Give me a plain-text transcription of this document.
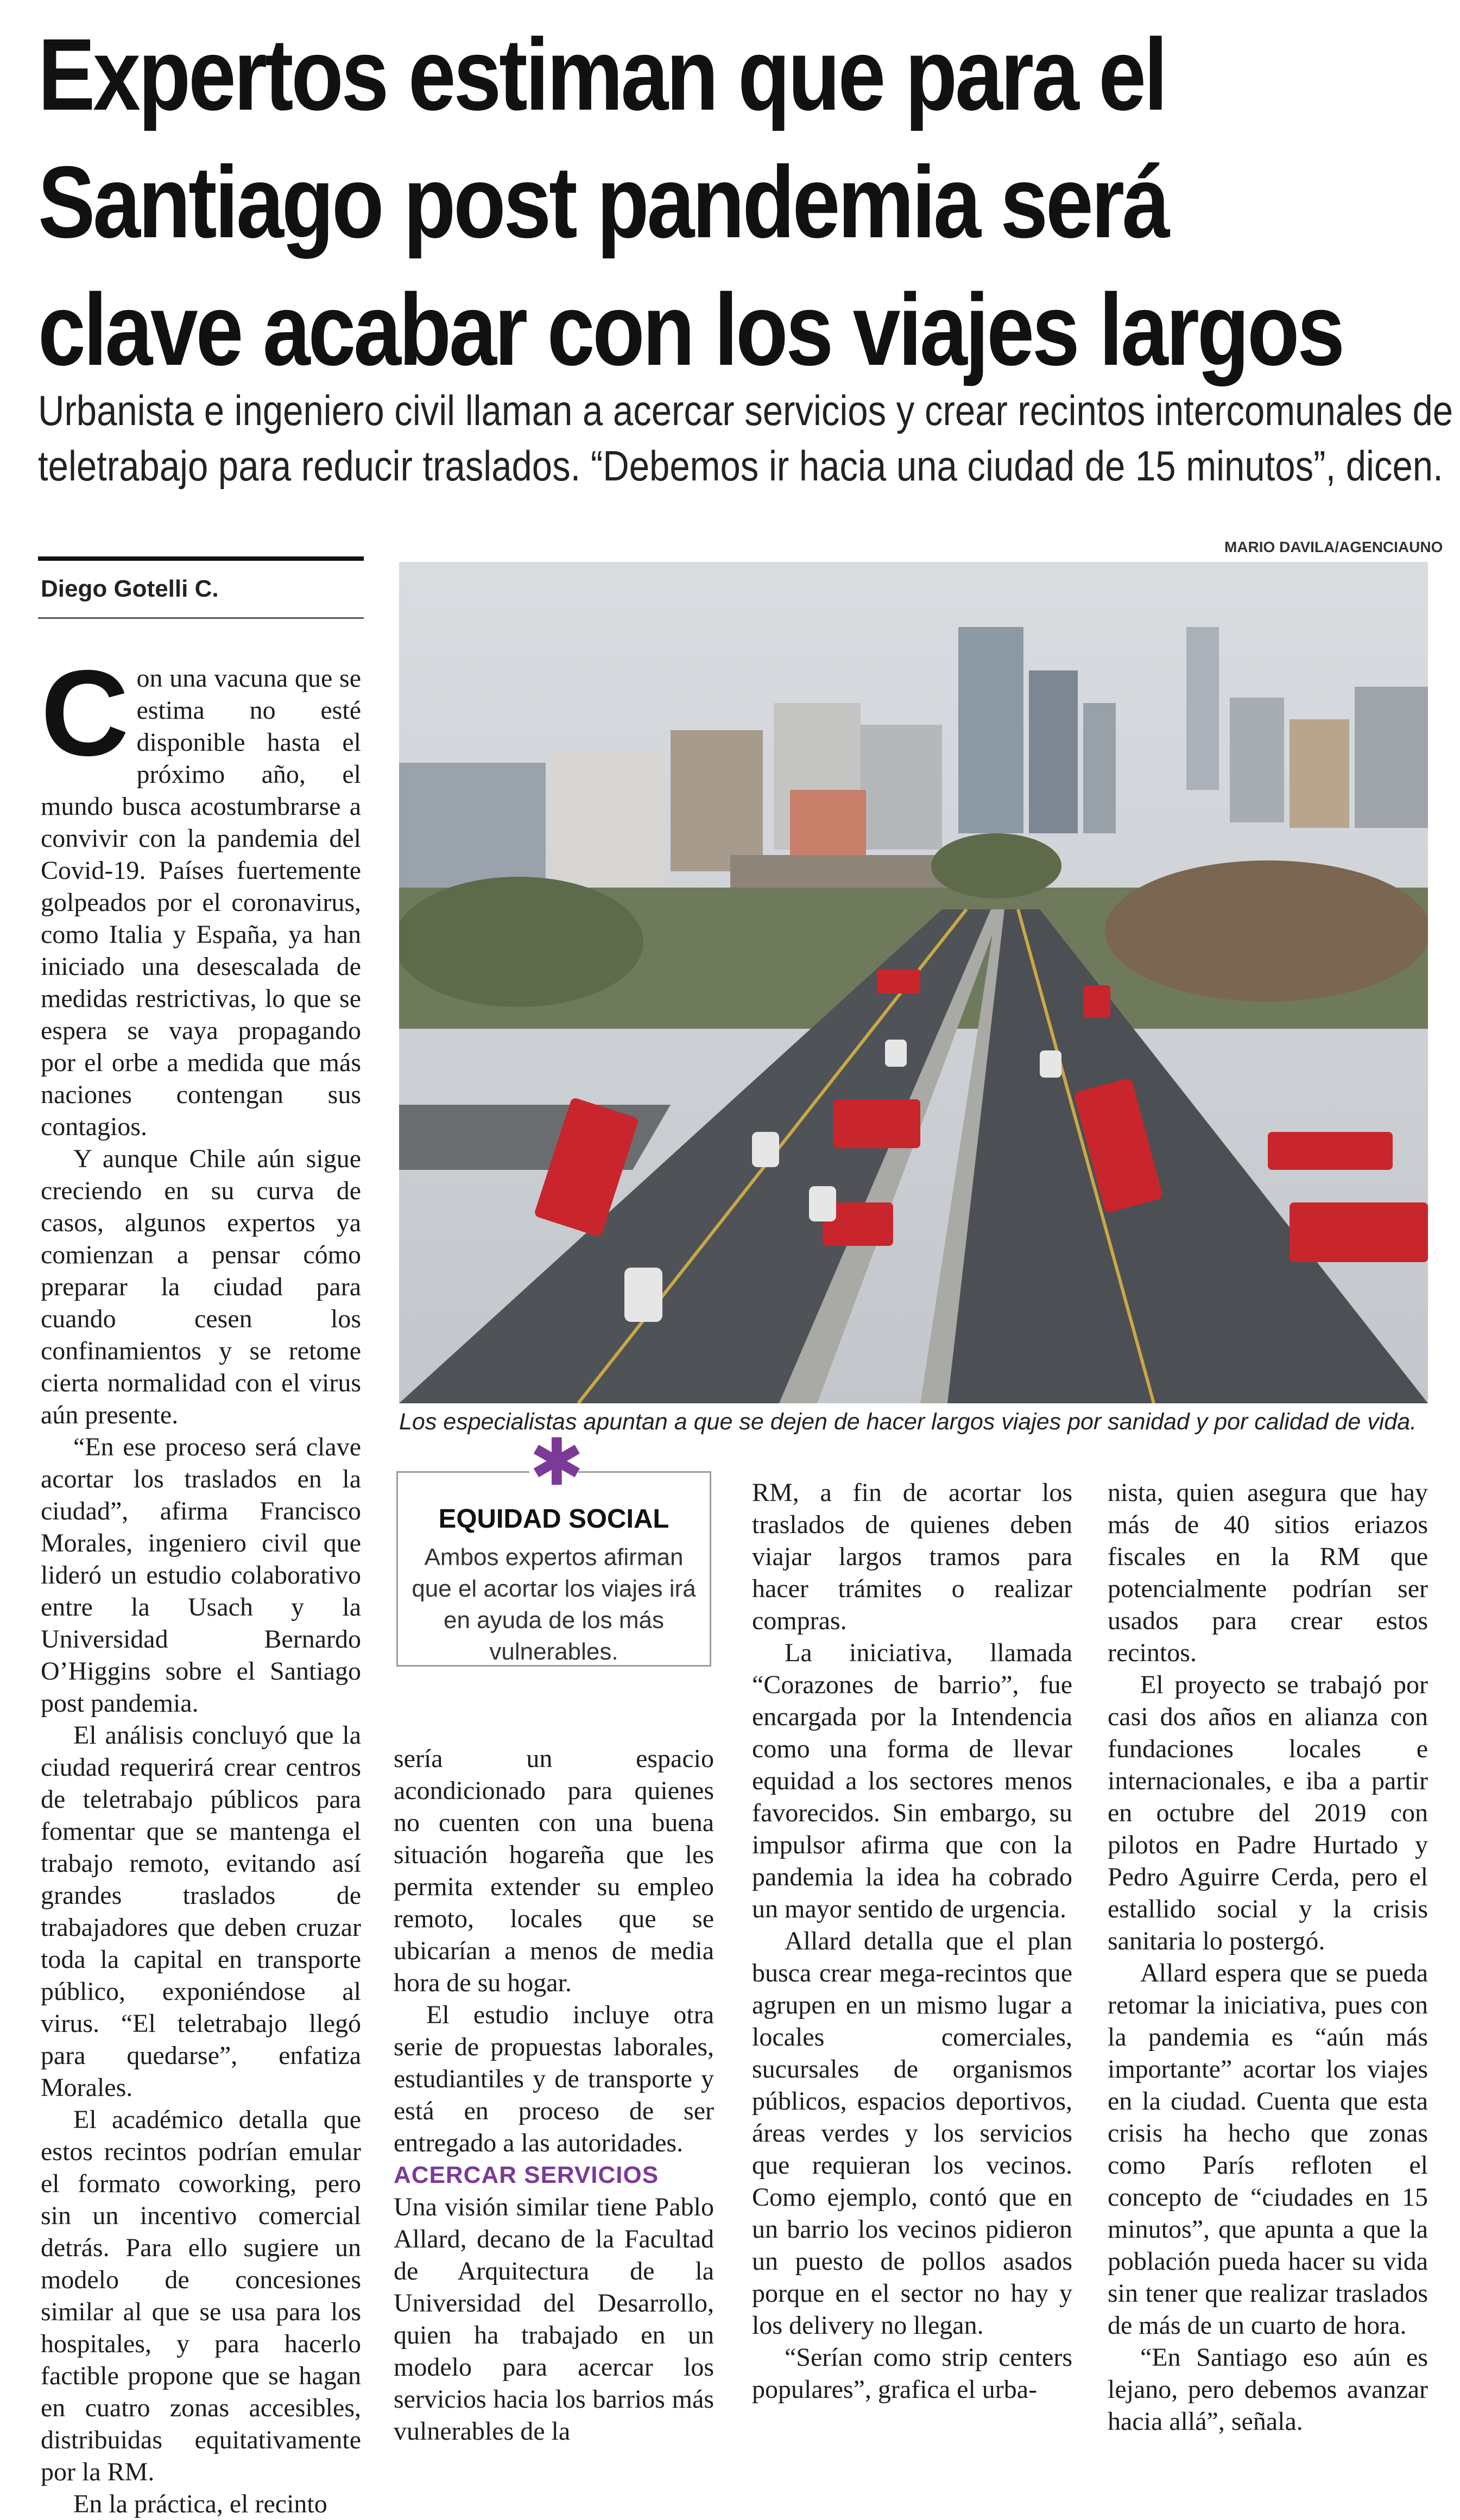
Expertos estiman que para el
Santiago post pandemia será
clave acabar con los viajes largos
Urbanista e ingeniero civil llaman a acercar servicios y crear recintos intercomunales de
teletrabajo para reducir traslados. “Debemos ir hacia una ciudad de 15 minutos”, dicen.
Diego Gotelli C.
MARIO DAVILA/AGENCIAUNO
Los especialistas apuntan a que se dejen de hacer largos viajes por sanidad y por calidad de vida.

Con una vacuna que se estima no esté disponible hasta el próximo año, el mundo busca acostumbrarse a convivir con la pandemia del Covid-19. Países fuertemente golpeados por el coronavirus, como Italia y España, ya han iniciado una desescalada de medidas restrictivas, lo que se espera se vaya propagando por el orbe a medida que más naciones contengan sus contagios.

Y aunque Chile aún sigue creciendo en su curva de casos, algunos expertos ya comienzan a pensar cómo preparar la ciudad para cuando cesen los confinamientos y se retome cierta normalidad con el virus aún presente.

“En ese proceso será clave acortar los traslados en la ciudad”, afirma Francisco Morales, ingeniero civil que lideró un estudio colaborativo entre la Usach y la Universidad Bernardo O’Higgins sobre el Santiago post pandemia.

El análisis concluyó que la ciudad requerirá crear centros de teletrabajo públicos para fomentar que se mantenga el trabajo remoto, evitando así grandes traslados de trabajadores que deben cruzar toda la capital en transporte público, exponiéndose al virus. “El teletrabajo llegó para quedarse”, enfatiza Morales.

El académico detalla que estos recintos podrían emular el formato coworking, pero sin un incentivo comercial detrás. Para ello sugiere un modelo de concesiones similar al que se usa para los hospitales, y para hacerlo factible propone que se hagan en cuatro zonas accesibles, distribuidas equitativamente por la RM.

En la práctica, el recinto

✱
EQUIDAD SOCIAL
Ambos expertos afirman que el acortar los viajes irá en ayuda de los más vulnerables.

sería un espacio acondicionado para quienes no cuenten con una buena situación hogareña que les permita extender su empleo remoto, locales que se ubicarían a menos de media hora de su hogar.

El estudio incluye otra serie de propuestas laborales, estudiantiles y de transporte y está en proceso de ser entregado a las autoridades.

ACERCAR SERVICIOS

Una visión similar tiene Pablo Allard, decano de la Facultad de Arquitectura de la Universidad del Desarrollo, quien ha trabajado en un modelo para acercar los servicios hacia los barrios más vulnerables de la

RM, a fin de acortar los traslados de quienes deben viajar largos tramos para hacer trámites o realizar compras.

La iniciativa, llamada “Corazones de barrio”, fue encargada por la Intendencia como una forma de llevar equidad a los sectores menos favorecidos. Sin embargo, su impulsor afirma que con la pandemia la idea ha cobrado un mayor sentido de urgencia.

Allard detalla que el plan busca crear mega-recintos que agrupen en un mismo lugar a locales comerciales, sucursales de organismos públicos, espacios deportivos, áreas verdes y los servicios que requieran los vecinos. Como ejemplo, contó que en un barrio los vecinos pidieron un puesto de pollos asados porque en el sector no hay y los delivery no llegan.

“Serían como strip centers populares”, grafica el urba-

nista, quien asegura que hay más de 40 sitios eriazos fiscales en la RM que potencialmente podrían ser usados para crear estos recintos.

El proyecto se trabajó por casi dos años en alianza con fundaciones locales e internacionales, e iba a partir en octubre del 2019 con pilotos en Padre Hurtado y Pedro Aguirre Cerda, pero el estallido social y la crisis sanitaria lo postergó.

Allard espera que se pueda retomar la iniciativa, pues con la pandemia es “aún más importante” acortar los viajes en la ciudad. Cuenta que esta crisis ha hecho que zonas como París refloten el concepto de “ciudades en 15 minutos”, que apunta a que la población pueda hacer su vida sin tener que realizar traslados de más de un cuarto de hora.

“En Santiago eso aún es lejano, pero debemos avanzar hacia allá”, señala.
